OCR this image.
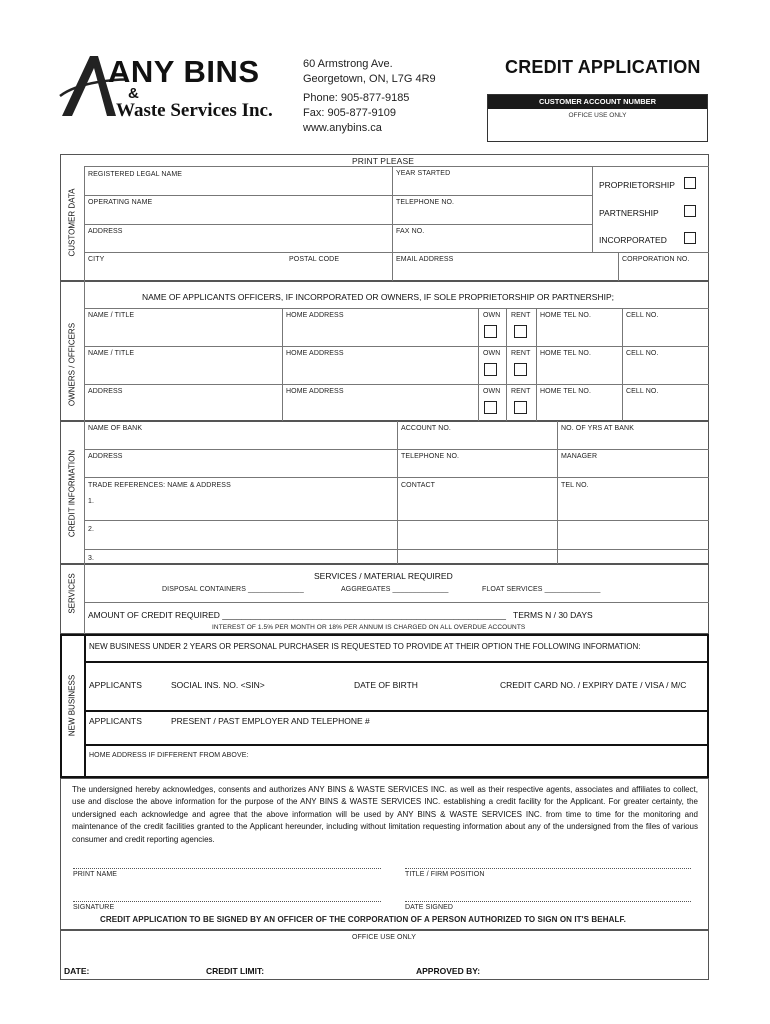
ANY BINS
&
Waste Services Inc.
60 Armstrong Ave.
Georgetown, ON, L7G 4R9
Phone: 905-877-9185
Fax: 905-877-9109
www.anybins.ca
CREDIT APPLICATION
CUSTOMER ACCOUNT NUMBER
OFFICE USE ONLY
PRINT PLEASE
CUSTOMER DATA
REGISTERED LEGAL NAME	YEAR STARTED
OPERATING NAME	TELEPHONE NO.
ADDRESS	FAX NO.
CITY	POSTAL CODE	EMAIL ADDRESS	CORPORATION NO.
PROPRIETORSHIP
PARTNERSHIP
INCORPORATED
OWNERS / OFFICERS
NAME OF APPLICANTS OFFICERS, IF INCORPORATED OR OWNERS, IF SOLE PROPRIETORSHIP OR PARTNERSHIP;
NAME / TITLE	HOME ADDRESS	OWN RENT HOME TEL NO.	CELL NO.
NAME / TITLE	HOME ADDRESS	OWN RENT HOME TEL NO.	CELL NO.
ADDRESS	HOME ADDRESS	OWN RENT HOME TEL NO.	CELL NO.
CREDIT INFORMATION
NAME OF BANK	ACCOUNT NO.	NO. OF YRS AT BANK
ADDRESS	TELEPHONE NO.	MANAGER
TRADE REFERENCES: NAME & ADDRESS	CONTACT	TEL NO.
1.
2.
3.
SERVICES	SERVICES / MATERIAL REQUIRED
DISPOSAL CONTAINERS ______________	AGGREGATES ______________	FLOAT SERVICES ______________
AMOUNT OF CREDIT REQUIRED ____________________________________________________________ TERMS N / 30 DAYS
INTEREST OF 1.5% PER MONTH OR 18% PER ANNUM IS CHARGED ON ALL OVERDUE ACCOUNTS
NEW BUSINESS
NEW BUSINESS UNDER 2 YEARS OR PERSONAL PURCHASER IS REQUESTED TO PROVIDE AT THEIR OPTION THE FOLLOWING INFORMATION:
APPLICANTS	SOCIAL INS. NO. <SIN>	DATE OF BIRTH	CREDIT CARD NO. / EXPIRY DATE / VISA / M/C
APPLICANTS	PRESENT / PAST EMPLOYER AND TELEPHONE #
HOME ADDRESS IF DIFFERENT FROM ABOVE:
The undersigned hereby acknowledges, consents and authorizes ANY BINS & WASTE SERVICES INC. as well as their respective agents, associates and affiliates to collect, use and disclose the above information for the purpose of the ANY BINS & WASTE SERVICES INC. establishing a credit facility for the Applicant. For greater certainty, the undersigned each acknowledge and agree that the above information will be used by ANY BINS & WASTE SERVICES INC. from time to time for the monitoring and maintenance of the credit facilities granted to the Applicant hereunder, including without limitation requesting information about any of the undersigned from the files of various consumer and credit reporting agencies.
PRINT NAME	TITLE / FIRM POSITION
SIGNATURE	DATE SIGNED
CREDIT APPLICATION TO BE SIGNED BY AN OFFICER OF THE CORPORATION OF A PERSON AUTHORIZED TO SIGN ON IT'S BEHALF.
OFFICE USE ONLY
DATE:	CREDIT LIMIT:	APPROVED BY:
